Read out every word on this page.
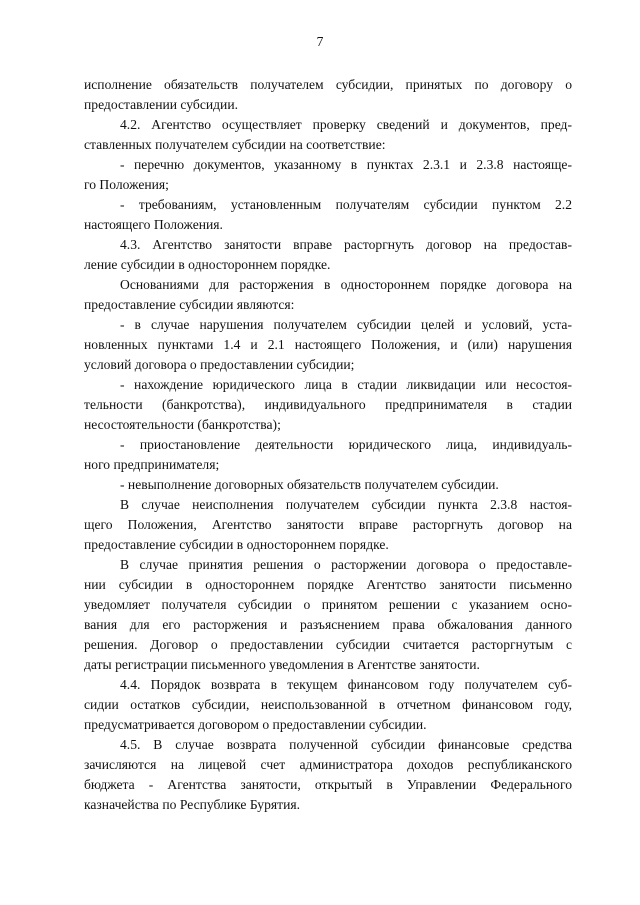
7
исполнение обязательств получателем субсидии, принятых по договору о
предоставлении субсидии.
4.2. Агентство осуществляет проверку сведений и документов, пред-
ставленных получателем субсидии на соответствие:
- перечню документов, указанному в пунктах 2.3.1 и 2.3.8 настояще-
го Положения;
- требованиям, установленным получателям субсидии пунктом 2.2
настоящего Положения.
4.3. Агентство занятости вправе расторгнуть договор на предостав-
ление субсидии в одностороннем порядке.
Основаниями для расторжения в одностороннем порядке договора на
предоставление субсидии являются:
- в случае нарушения получателем субсидии целей и условий, уста-
новленных пунктами 1.4 и 2.1 настоящего Положения, и (или) нарушения
условий договора о предоставлении субсидии;
- нахождение юридического лица в стадии ликвидации или несостоя-
тельности (банкротства), индивидуального предпринимателя в стадии
несостоятельности (банкротства);
- приостановление деятельности юридического лица, индивидуаль-
ного предпринимателя;
- невыполнение договорных обязательств получателем субсидии.
В случае неисполнения получателем субсидии пункта 2.3.8 настоя-
щего Положения, Агентство занятости вправе расторгнуть договор на
предоставление субсидии в одностороннем порядке.
В случае принятия решения о расторжении договора о предоставле-
нии субсидии в одностороннем порядке Агентство занятости письменно
уведомляет получателя субсидии о принятом решении с указанием осно-
вания для его расторжения и разъяснением права обжалования данного
решения. Договор о предоставлении субсидии считается расторгнутым с
даты регистрации письменного уведомления в Агентстве занятости.
4.4. Порядок возврата в текущем финансовом году получателем суб-
сидии остатков субсидии, неиспользованной в отчетном финансовом году,
предусматривается договором о предоставлении субсидии.
4.5. В случае возврата полученной субсидии финансовые средства
зачисляются на лицевой счет администратора доходов республиканского
бюджета - Агентства занятости, открытый в Управлении Федерального
казначейства по Республике Бурятия.
